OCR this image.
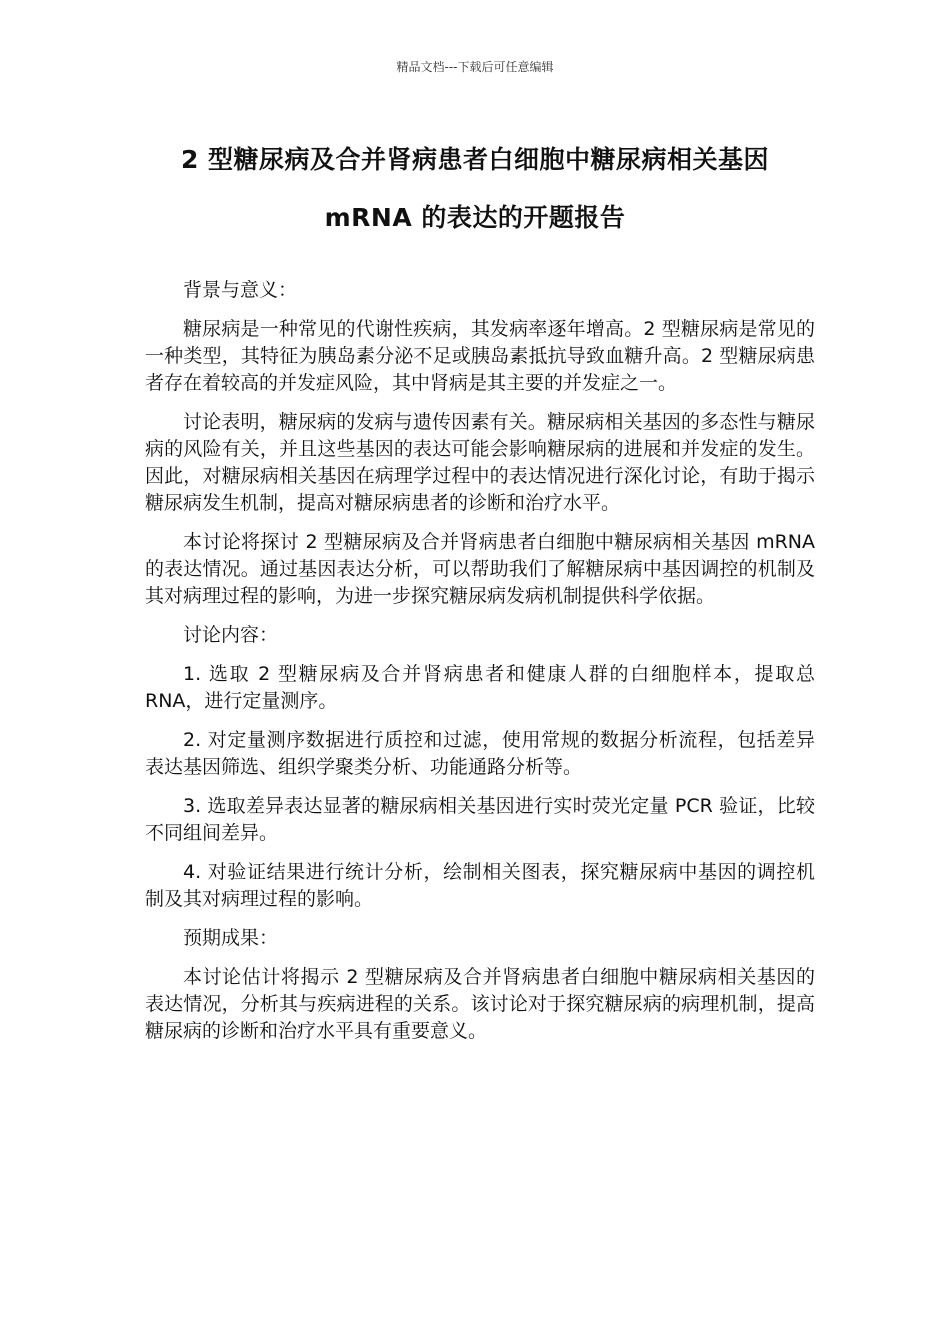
精品文档---下载后可任意编辑
2 型糖尿病及合并肾病患者白细胞中糖尿病相关基因
mRNA 的表达的开题报告

背景与意义：

糖尿病是一种常见的代谢性疾病，其发病率逐年增高。2 型糖尿病是常见的一种类型，其特征为胰岛素分泌不足或胰岛素抵抗导致血糖升高。2 型糖尿病患者存在着较高的并发症风险，其中肾病是其主要的并发症之一。

讨论表明，糖尿病的发病与遗传因素有关。糖尿病相关基因的多态性与糖尿病的风险有关，并且这些基因的表达可能会影响糖尿病的进展和并发症的发生。因此，对糖尿病相关基因在病理学过程中的表达情况进行深化讨论，有助于揭示糖尿病发生机制，提高对糖尿病患者的诊断和治疗水平。

本讨论将探讨 2 型糖尿病及合并肾病患者白细胞中糖尿病相关基因 mRNA 的表达情况。通过基因表达分析，可以帮助我们了解糖尿病中基因调控的机制及其对病理过程的影响，为进一步探究糖尿病发病机制提供科学依据。

讨论内容：

1. 选取 2 型糖尿病及合并肾病患者和健康人群的白细胞样本，提取总 RNA，进行定量测序。

2. 对定量测序数据进行质控和过滤，使用常规的数据分析流程，包括差异表达基因筛选、组织学聚类分析、功能通路分析等。

3. 选取差异表达显著的糖尿病相关基因进行实时荧光定量 PCR 验证，比较不同组间差异。

4. 对验证结果进行统计分析，绘制相关图表，探究糖尿病中基因的调控机制及其对病理过程的影响。

预期成果：

本讨论估计将揭示 2 型糖尿病及合并肾病患者白细胞中糖尿病相关基因的表达情况，分析其与疾病进程的关系。该讨论对于探究糖尿病的病理机制，提高糖尿病的诊断和治疗水平具有重要意义。
